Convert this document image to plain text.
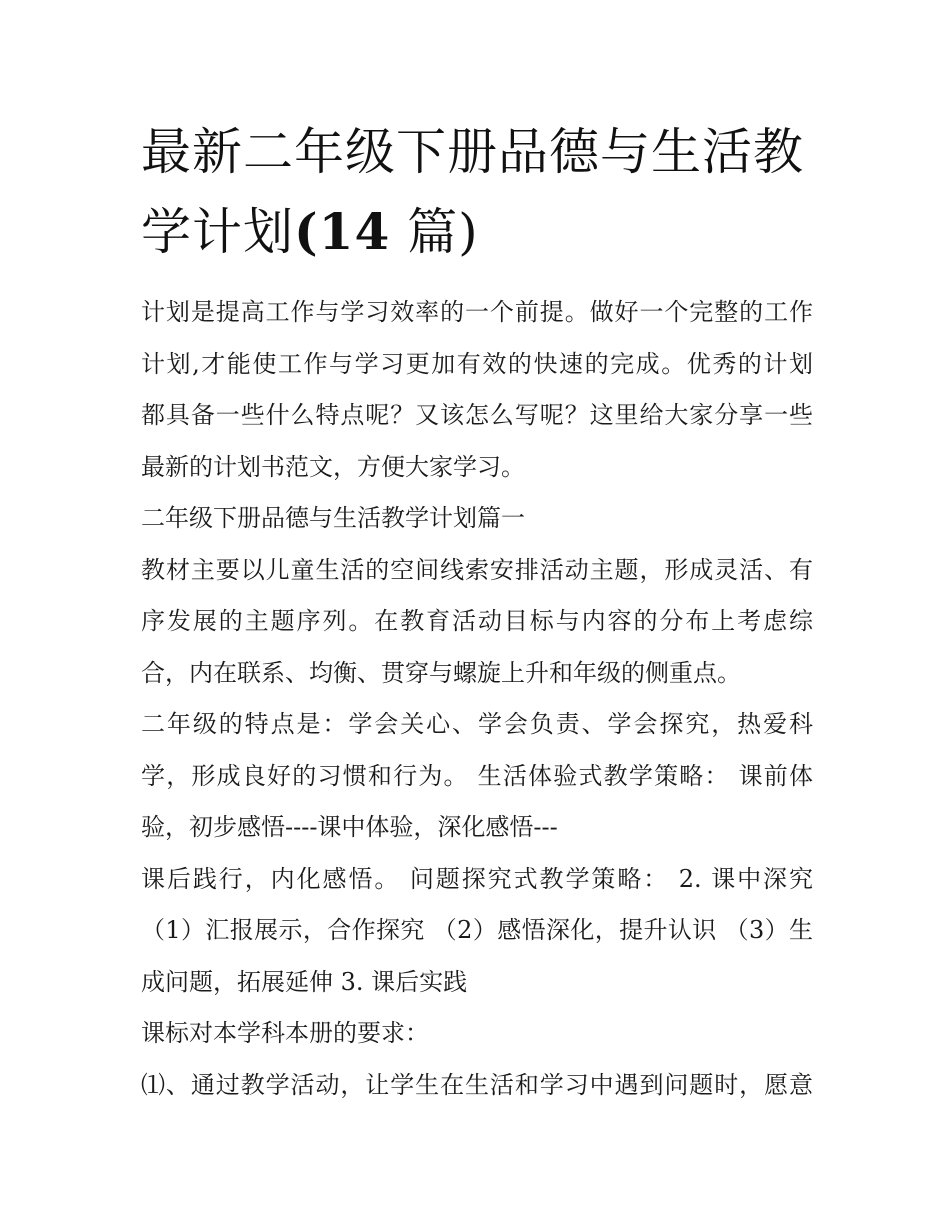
最新二年级下册品德与生活教
学计划(14 篇)
计划是提高工作与学习效率的一个前提。做好一个完整的工作
计划,才能使工作与学习更加有效的快速的完成。优秀的计划
都具备一些什么特点呢？又该怎么写呢？这里给大家分享一些
最新的计划书范文，方便大家学习。
二年级下册品德与生活教学计划篇一
教材主要以儿童生活的空间线索安排活动主题，形成灵活、有
序发展的主题序列。在教育活动目标与内容的分布上考虑综
合，内在联系、均衡、贯穿与螺旋上升和年级的侧重点。
二年级的特点是：学会关心、学会负责、学会探究，热爱科
学，形成良好的习惯和行为。 生活体验式教学策略： 课前体
验，初步感悟----课中体验，深化感悟---
课后践行，内化感悟。 问题探究式教学策略： 2. 课中深究
（1）汇报展示，合作探究 （2）感悟深化，提升认识 （3）生
成问题，拓展延伸 3. 课后实践
课标对本学科本册的要求：
⑴、通过教学活动，让学生在生活和学习中遇到问题时，愿意
